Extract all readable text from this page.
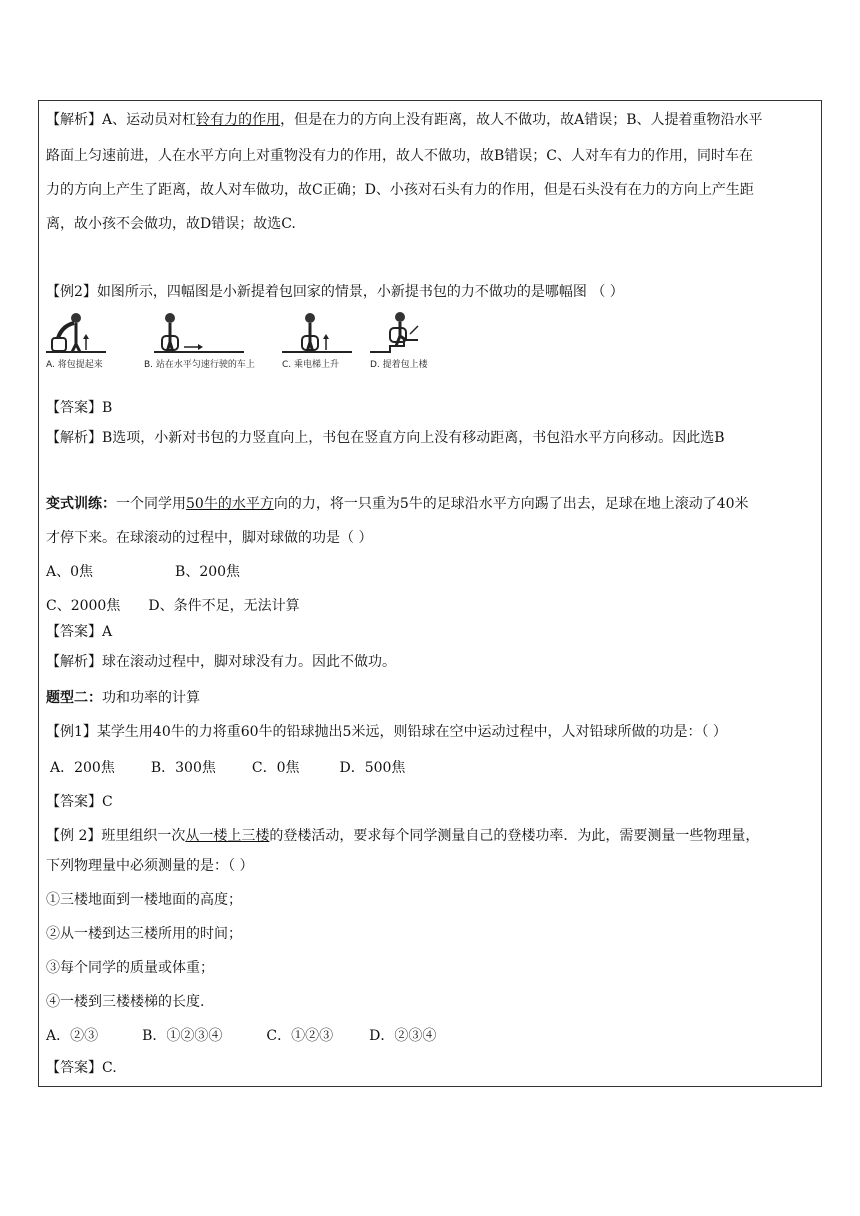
【解析】A、运动员对杠铃有力的作用，但是在力的方向上没有距离，故人不做功，故A错误；B、人提着重物沿水平
路面上匀速前进，人在水平方向上对重物没有力的作用，故人不做功，故B错误；C、人对车有力的作用，同时车在
力的方向上产生了距离，故人对车做功，故C正确；D、小孩对石头有力的作用，但是石头没有在力的方向上产生距
离，故小孩不会做功，故D错误；故选C.
【例2】如图所示，四幅图是小新提着包回家的情景，小新提书包的力不做功的是哪幅图 （ ）
A. 将包提起来	B. 站在水平匀速行驶的车上	C. 乘电梯上升	D. 提着包上楼
【答案】B
【解析】B选项，小新对书包的力竖直向上，书包在竖直方向上没有移动距离，书包沿水平方向移动。因此选B
变式训练：一个同学用50牛的水平方向的力，将一只重为5牛的足球沿水平方向踢了出去，足球在地上滚动了40米
才停下来。在球滚动的过程中，脚对球做的功是（ ）
A、0焦	B、200焦
C、2000焦 D、条件不足，无法计算
【答案】A
【解析】球在滚动过程中，脚对球没有力。因此不做功。
题型二：功和功率的计算
【例1】某学生用40牛的力将重60牛的铅球抛出5米远，则铅球在空中运动过程中，人对铅球所做的功是：（ ）
A．200焦	B．300焦	C．0焦	D．500焦
【答案】C
【例 2】班里组织一次从一楼上三楼的登楼活动，要求每个同学测量自己的登楼功率．为此，需要测量一些物理量，
下列物理量中必须测量的是：（ ）
①三楼地面到一楼地面的高度；
②从一楼到达三楼所用的时间；
③每个同学的质量或体重；
④一楼到三楼楼梯的长度.
A．②③	B．①②③④	C．①②③	D．②③④
【答案】C.
